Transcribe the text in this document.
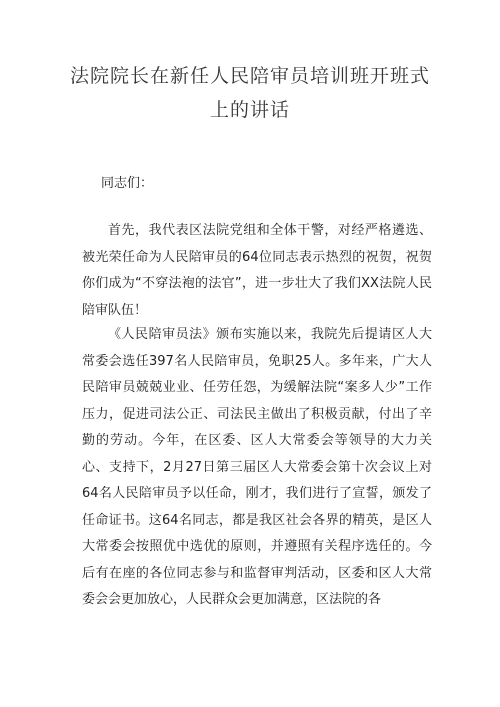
法院院长在新任人民陪审员培训班开班式
上的讲话
同志们：
首先，我代表区法院党组和全体干警，对经严格遴选、被光荣任命为人民陪审员的64位同志表示热烈的祝贺，祝贺你们成为“不穿法袍的法官”，进一步壮大了我们XX法院人民陪审队伍！
《人民陪审员法》颁布实施以来，我院先后提请区人大常委会选任397名人民陪审员，免职25人。多年来，广大人民陪审员兢兢业业、任劳任怨，为缓解法院“案多人少”工作压力，促进司法公正、司法民主做出了积极贡献，付出了辛勤的劳动。今年，在区委、区人大常委会等领导的大力关心、支持下，2月27日第三届区人大常委会第十次会议上对64名人民陪审员予以任命，刚才，我们进行了宣誓，颁发了任命证书。这64名同志，都是我区社会各界的精英，是区人大常委会按照优中选优的原则，并遵照有关程序选任的。今后有在座的各位同志参与和监督审判活动，区委和区人大常委会会更加放心，人民群众会更加满意，区法院的各
